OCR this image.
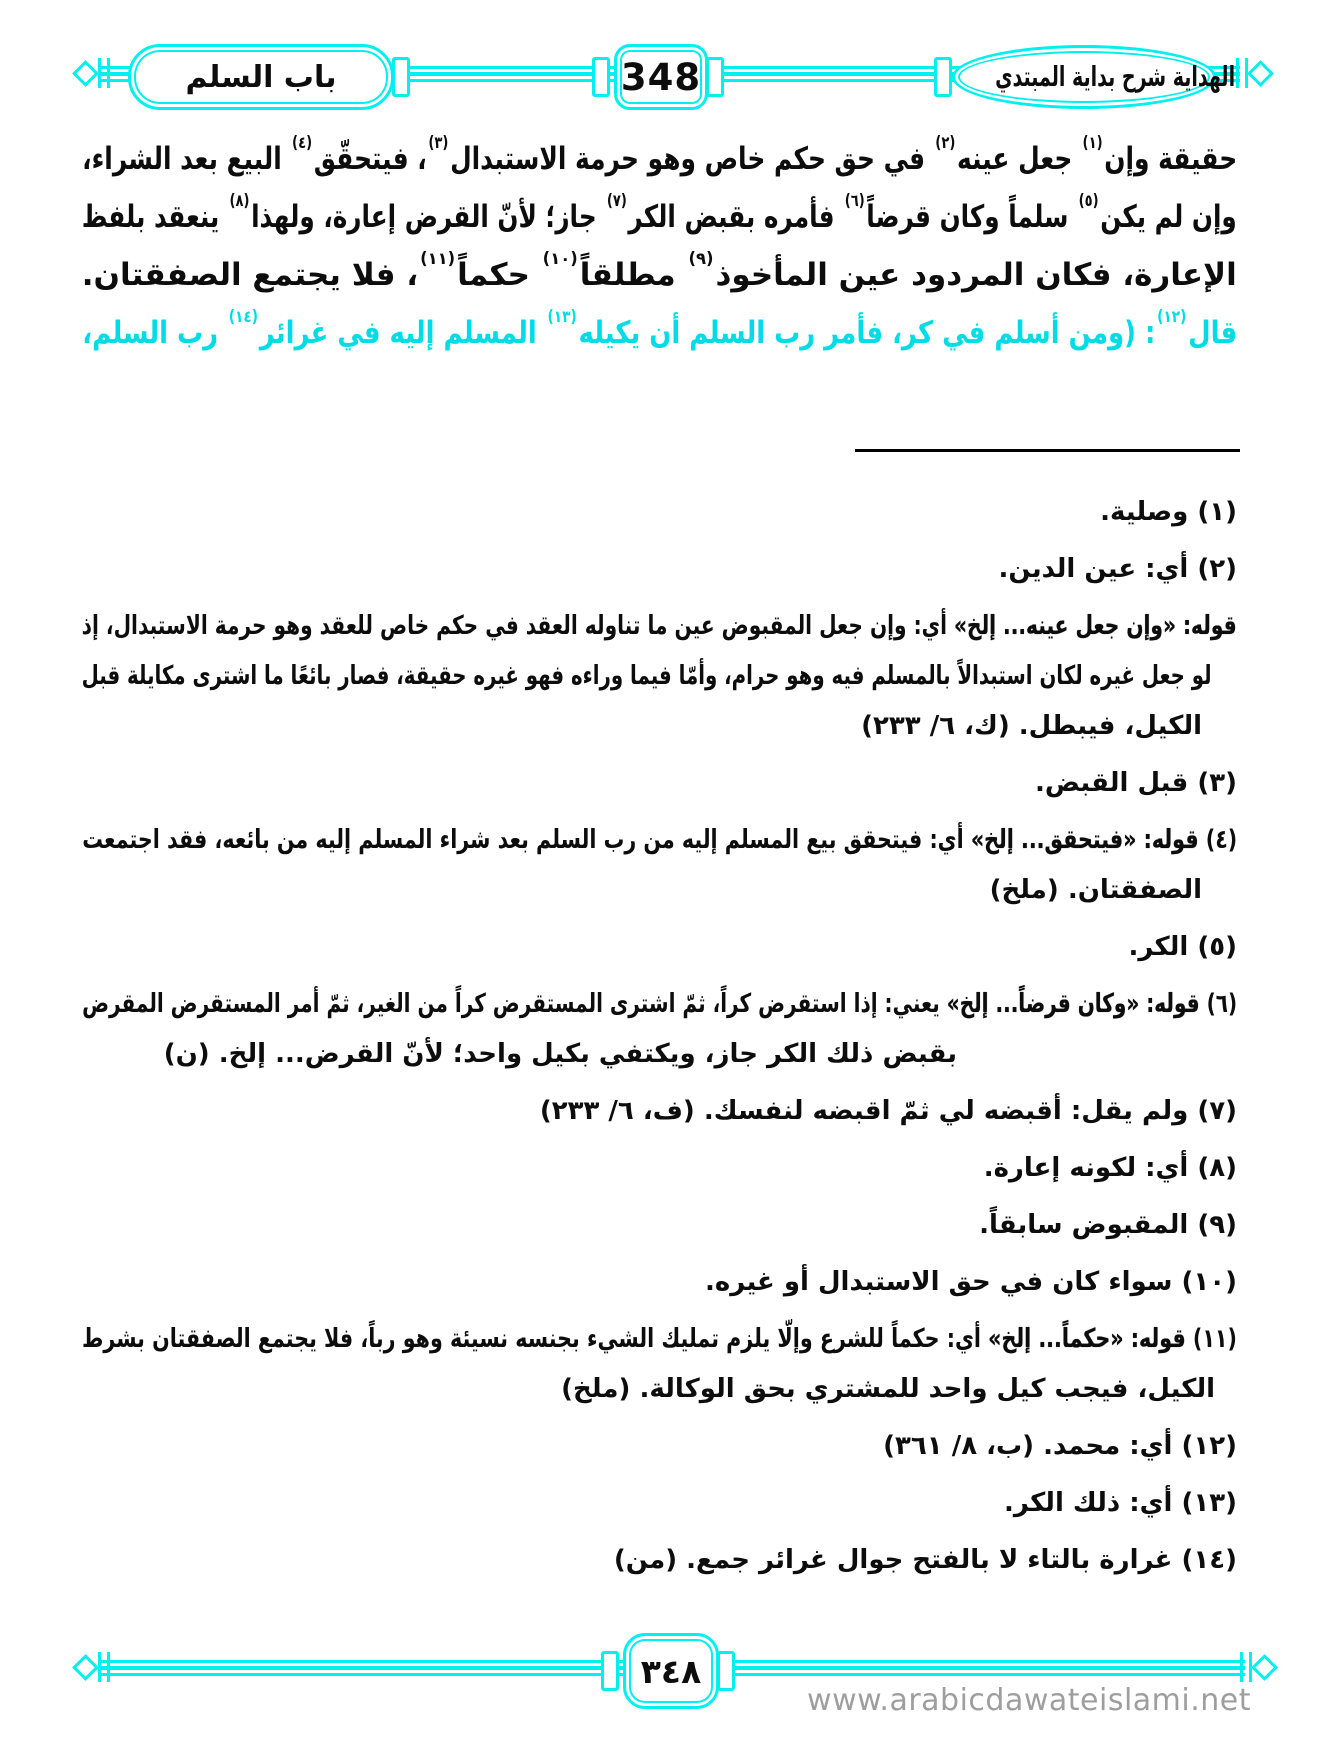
باب السلم	348	الهداية شرح بداية المبتدي
حقيقة وإن$^{(١)}$ جعل عينه$^{(٢)}$ في حق حكم خاص وهو حرمة الاستبدال$^{(٣)}$، فيتحقّق$^{(٤)}$ البيع بعد الشراء،
وإن لم يكن$^{(٥)}$ سلماً وكان قرضاً$^{(٦)}$ فأمره بقبض الكر$^{(٧)}$ جاز؛ لأنّ القرض إعارة، ولهذا$^{(٨)}$ ينعقد بلفظ
الإعارة، فكان المردود عين المأخوذ$^{(٩)}$ مطلقاً$^{(١٠)}$ حكماً$^{(١١)}$، فلا يجتمع الصفقتان.
قال$^{(١٢)}$: (ومن أسلم في كر، فأمر رب السلم أن يكيله$^{(١٣)}$ المسلم إليه في غرائر$^{(١٤)}$ رب السلم،
(١) وصلية.
(٢) أي: عين الدين.
قوله: «وإن جعل عينه... إلخ» أي: وإن جعل المقبوض عين ما تناوله العقد في حكم خاص للعقد وهو حرمة الاستبدال، إذ
لو جعل غيره لكان استبدالاً بالمسلم فيه وهو حرام، وأمّا فيما وراءه فهو غيره حقيقة، فصار بائعًا ما اشترى مكايلة قبل
الكيل، فيبطل. (ك، ٦/ ٢٣٣)
(٣) قبل القبض.
(٤) قوله: «فيتحقق... إلخ» أي: فيتحقق بيع المسلم إليه من رب السلم بعد شراء المسلم إليه من بائعه، فقد اجتمعت
الصفقتان. (ملخ)
(٥) الكر.
(٦) قوله: «وكان قرضاً... إلخ» يعني: إذا استقرض كراً، ثمّ اشترى المستقرض كراً من الغير، ثمّ أمر المستقرض المقرض
بقبض ذلك الكر جاز، ويكتفي بكيل واحد؛ لأنّ القرض... إلخ. (ن)
(٧) ولم يقل: أقبضه لي ثمّ اقبضه لنفسك. (ف، ٦/ ٢٣٣)
(٨) أي: لكونه إعارة.
(٩) المقبوض سابقاً.
(١٠) سواء كان في حق الاستبدال أو غيره.
(١١) قوله: «حكماً... إلخ» أي: حكماً للشرع وإلّا يلزم تمليك الشيء بجنسه نسيئة وهو رباً، فلا يجتمع الصفقتان بشرط
الكيل، فيجب كيل واحد للمشتري بحق الوكالة. (ملخ)
(١٢) أي: محمد. (ب، ٨/ ٣٦١)
(١٣) أي: ذلك الكر.
(١٤) غرارة بالتاء لا بالفتح جوال غرائر جمع. (من)
٣٤٨
www.arabicdawateislami.net
